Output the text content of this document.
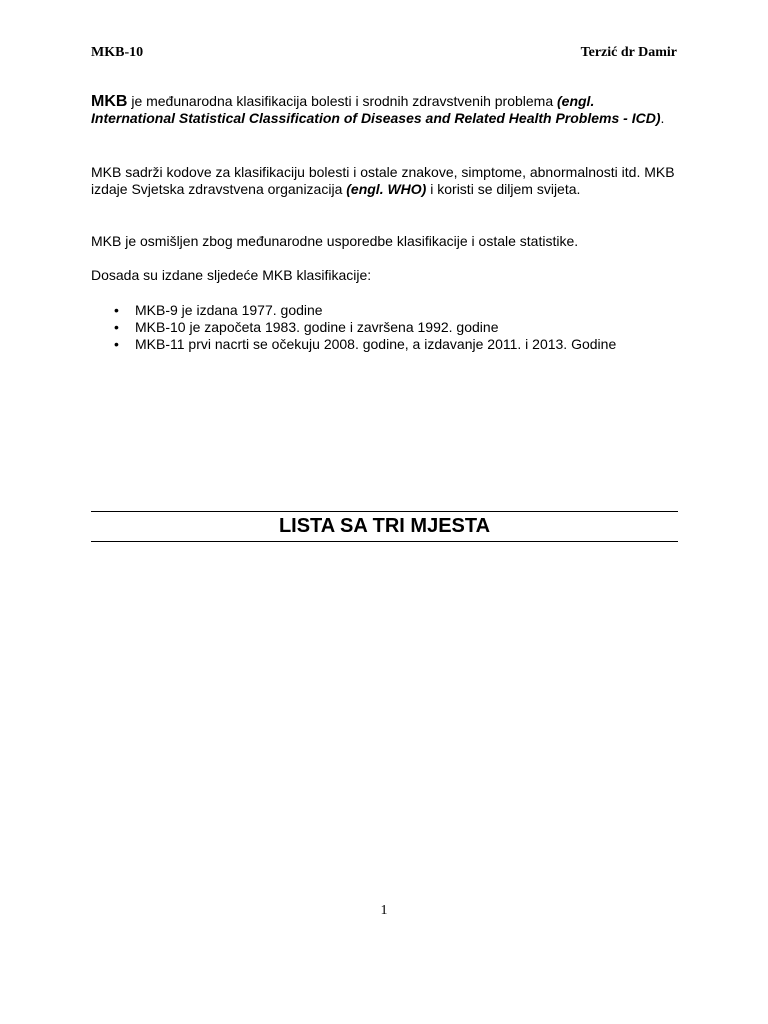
MKB-10	Terzić dr Damir
MKB je međunarodna klasifikacija bolesti i srodnih zdravstvenih problema (engl. International Statistical Classification of Diseases and Related Health Problems - ICD).
MKB sadrži kodove za klasifikaciju bolesti i ostale znakove, simptome, abnormalnosti itd. MKB izdaje Svjetska zdravstvena organizacija (engl. WHO) i koristi se diljem svijeta.
MKB je osmišljen zbog međunarodne usporedbe klasifikacije i ostale statistike.
Dosada su izdane sljedeće MKB klasifikacije:
• MKB-9 je izdana 1977. godine
• MKB-10 je započeta 1983. godine i završena 1992. godine
• MKB-11 prvi nacrti se očekuju 2008. godine, a izdavanje 2011. i 2013. Godine
LISTA SA TRI MJESTA
1
